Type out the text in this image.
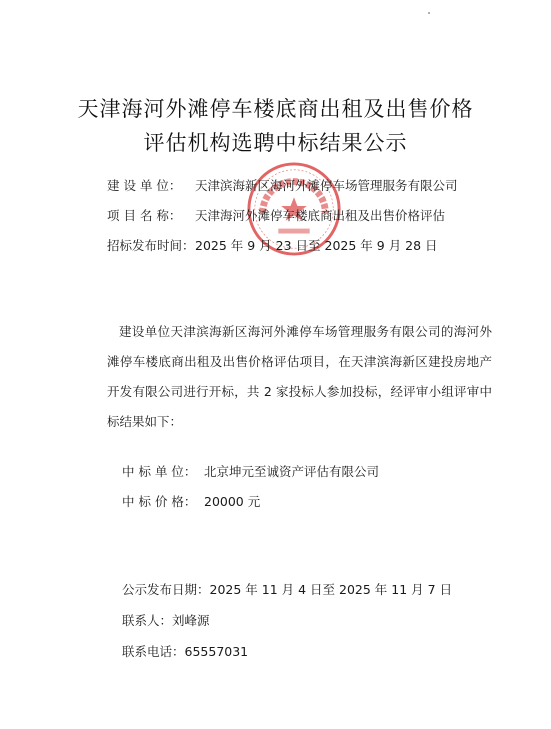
天津海河外滩停车楼底商出租及出售价格
评估机构选聘中标结果公示
建 设 单 位： 天津滨海新区海河外滩停车场管理服务有限公司
项 目 名 称： 天津海河外滩停车楼底商出租及出售价格评估
招标发布时间：2025 年 9 月 23 日至 2025 年 9 月 28 日

建设单位天津滨海新区海河外滩停车场管理服务有限公司的海河外滩停车楼底商出租及出售价格评估项目，在天津滨海新区建投房地产开发有限公司进行开标，共 2 家投标人参加投标，经评审小组评审中标结果如下：

中 标 单 位： 北京坤元至诚资产评估有限公司
中 标 价 格： 20000 元
公示发布日期：2025 年 11 月 4 日至 2025 年 11 月 7 日
联系人：刘峰源
联系电话：65557031
